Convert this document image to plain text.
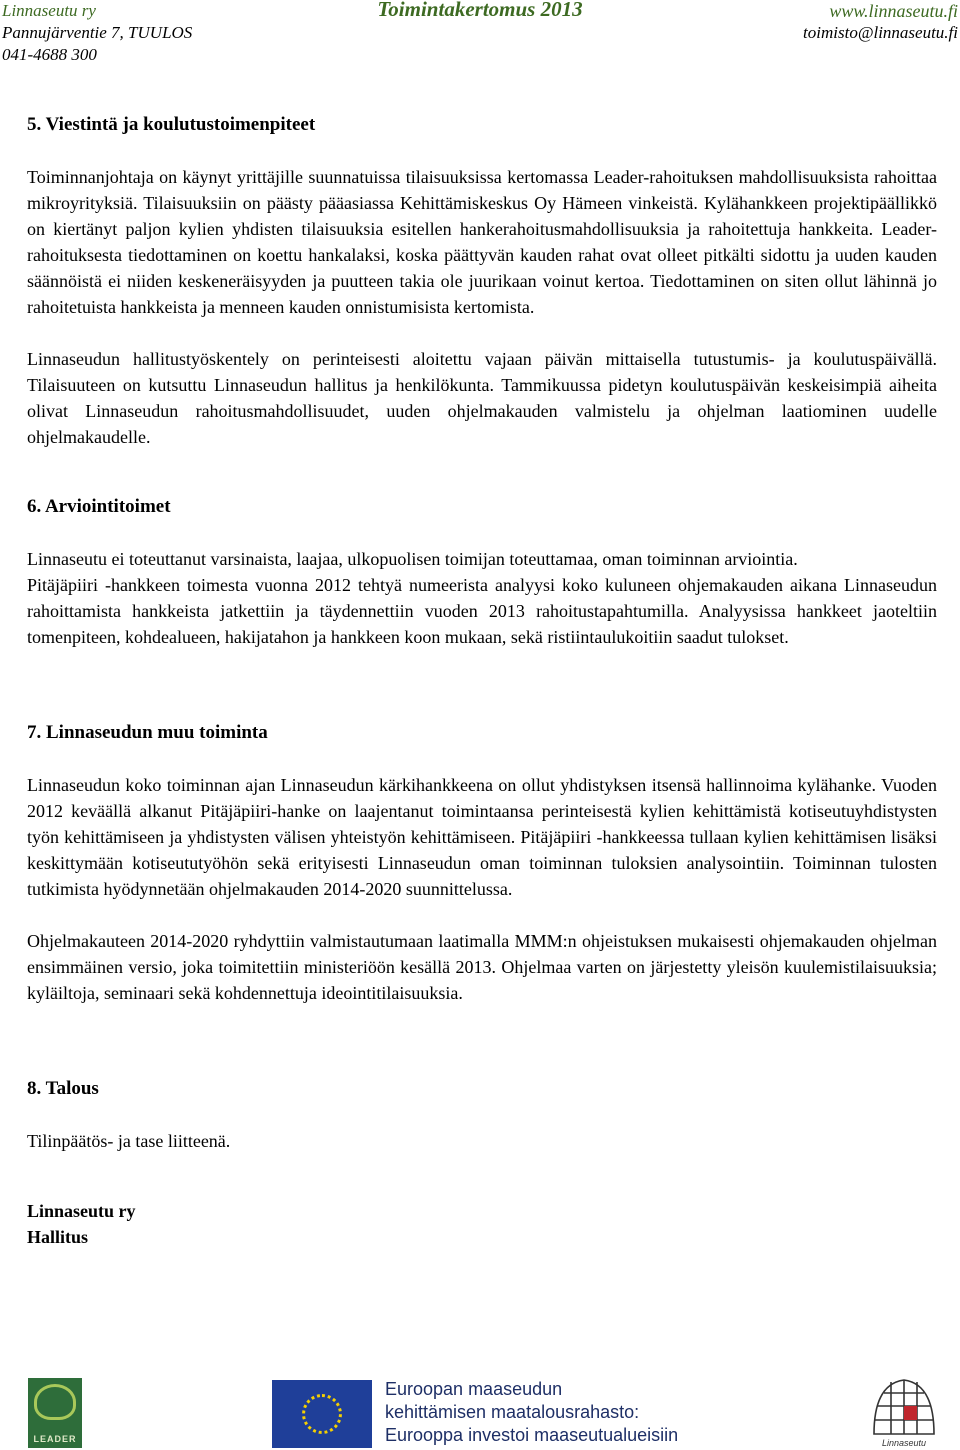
Linnaseutu ry
Pannujärventie 7, TUULOS
041-4688 300
Toimintakertomus 2013	www.linnaseutu.fi
toimisto@linnaseutu.fi
5. Viestintä ja koulutustoimenpiteet

Toiminnanjohtaja on käynyt yrittäjille suunnatuissa tilaisuuksissa kertomassa Leader-rahoituksen mahdollisuuksista rahoittaa mikroyrityksiä. Tilaisuuksiin on päästy pääasiassa Kehittämiskeskus Oy Hämeen vinkeistä. Kylähankkeen projektipäällikkö on kiertänyt paljon kylien yhdisten tilaisuuksia esitellen hankerahoitusmahdollisuuksia ja rahoitettuja hankkeita. Leader-rahoituksesta tiedottaminen on koettu hankalaksi, koska päättyvän kauden rahat ovat olleet pitkälti sidottu ja uuden kauden säännöistä ei niiden keskeneräisyyden ja puutteen takia ole juurikaan voinut kertoa. Tiedottaminen on siten ollut lähinnä jo rahoitetuista hankkeista ja menneen kauden onnistumisista kertomista.

Linnaseudun hallitustyöskentely on perinteisesti aloitettu vajaan päivän mittaisella tutustumis- ja koulutuspäivällä. Tilaisuuteen on kutsuttu Linnaseudun hallitus ja henkilökunta. Tammikuussa pidetyn koulutuspäivän keskeisimpiä aiheita olivat Linnaseudun rahoitusmahdollisuudet, uuden ohjelmakauden valmistelu ja ohjelman laatiominen uudelle ohjelmakaudelle.

6. Arviointitoimet

Linnaseutu ei toteuttanut varsinaista, laajaa, ulkopuolisen toimijan toteuttamaa, oman toiminnan arviointia.

Pitäjäpiiri -hankkeen toimesta vuonna 2012 tehtyä numeerista analyysi koko kuluneen ohjemakauden aikana Linnaseudun rahoittamista hankkeista jatkettiin ja täydennettiin vuoden 2013 rahoitustapahtumilla. Analyysissa hankkeet jaoteltiin tomenpiteen, kohdealueen, hakijatahon ja hankkeen koon mukaan, sekä ristiintaulukoitiin saadut tulokset.

7. Linnaseudun muu toiminta

Linnaseudun koko toiminnan ajan Linnaseudun kärkihankkeena on ollut yhdistyksen itsensä hallinnoima kylähanke. Vuoden 2012 keväällä alkanut Pitäjäpiiri-hanke on laajentanut toimintaansa perinteisestä kylien kehittämistä kotiseutuyhdistysten työn kehittämiseen ja yhdistysten välisen yhteistyön kehittämiseen. Pitäjäpiiri -hankkeessa tullaan kylien kehittämisen lisäksi keskittymään kotiseututyöhön sekä erityisesti Linnaseudun oman toiminnan tuloksien analysointiin. Toiminnan tulosten tutkimista hyödynnetään ohjelmakauden 2014-2020 suunnittelussa.

Ohjelmakauteen 2014-2020 ryhdyttiin valmistautumaan laatimalla MMM:n ohjeistuksen mukaisesti ohjemakauden ohjelman ensimmäinen versio, joka toimitettiin ministeriöön kesällä 2013. Ohjelmaa varten on järjestetty yleisön kuulemistilaisuuksia; kyläiltoja, seminaari sekä kohdennettuja ideointitilaisuuksia.

8. Talous

Tilinpäätös- ja tase liitteenä.

Linnaseutu ry
Hallitus
LEADER
Euroopan maaseudun
kehittämisen maatalousrahasto:
Eurooppa investoi maaseutualueisiin	Linnaseutu
